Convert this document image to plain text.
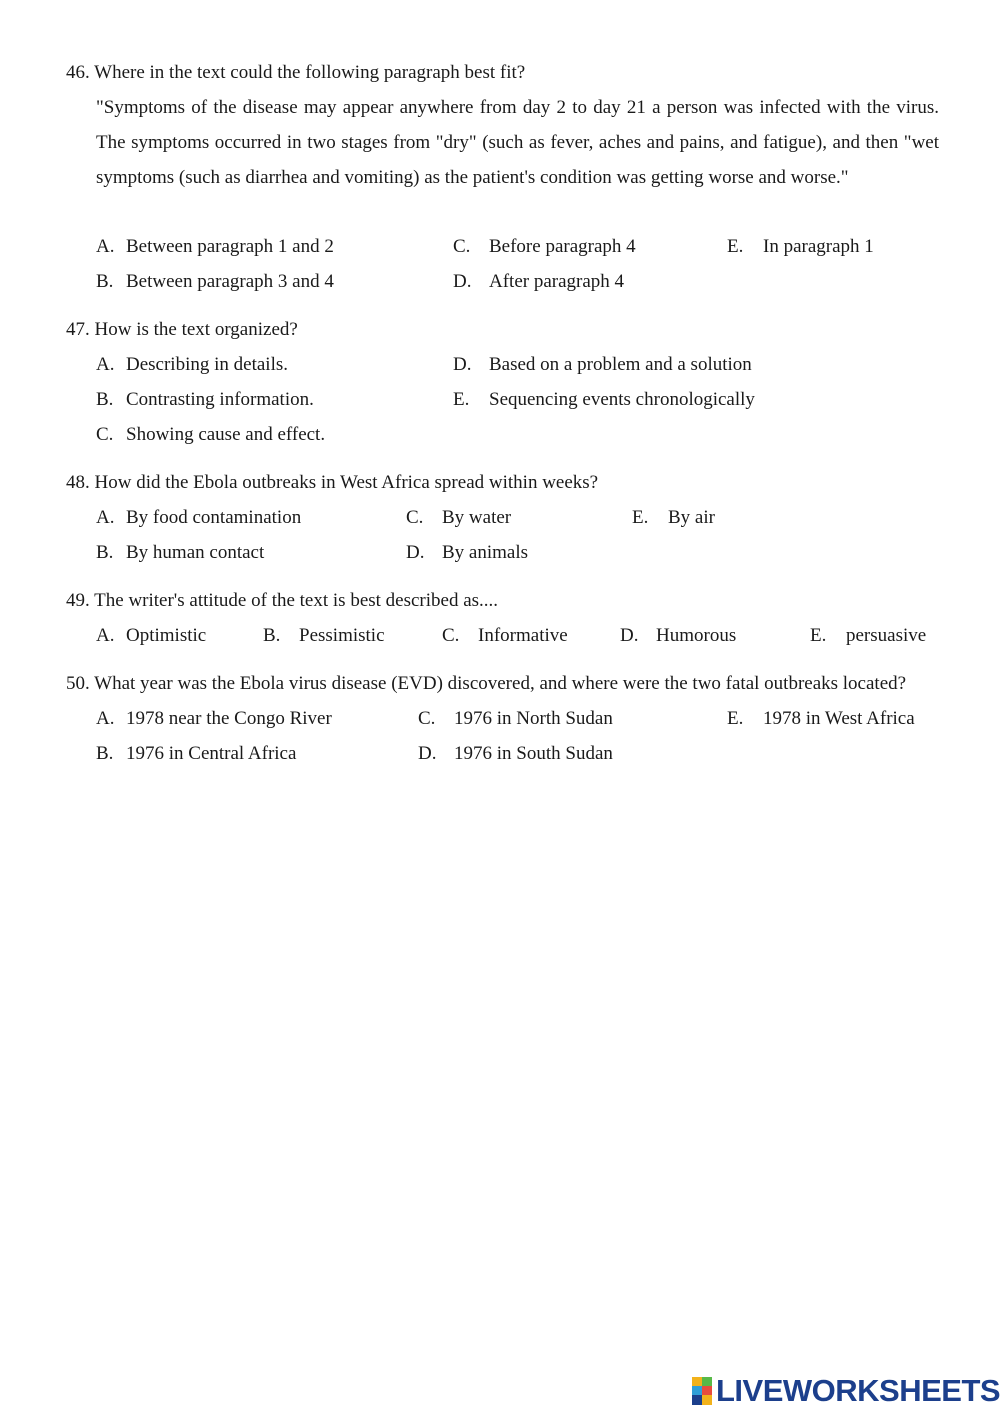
46. Where in the text could the following paragraph best fit?
"Symptoms of the disease may appear anywhere from day 2 to day 21 a person was infected with the virus. The symptoms occurred in two stages from "dry" (such as fever, aches and pains, and fatigue), and then "wet symptoms (such as diarrhea and vomiting) as the patient's condition was getting worse and worse."
A. Between paragraph 1 and 2	C. Before paragraph 4	E. In paragraph 1
B. Between paragraph 3 and 4	D. After paragraph 4
47. How is the text organized?
A. Describing in details.	D. Based on a problem and a solution
B. Contrasting information.	E. Sequencing events chronologically
C. Showing cause and effect.
48. How did the Ebola outbreaks in West Africa spread within weeks?
A. By food contamination	C. By water	E. By air
B. By human contact	D. By animals
49. The writer's attitude of the text is best described as....
A. Optimistic	B. Pessimistic	C. Informative	D. Humorous	E. persuasive
50. What year was the Ebola virus disease (EVD) discovered, and where were the two fatal outbreaks located?
A. 1978 near the Congo River	C. 1976 in North Sudan	E. 1978 in West Africa
B. 1976 in Central Africa	D. 1976 in South Sudan
LIVEWORKSHEETS
